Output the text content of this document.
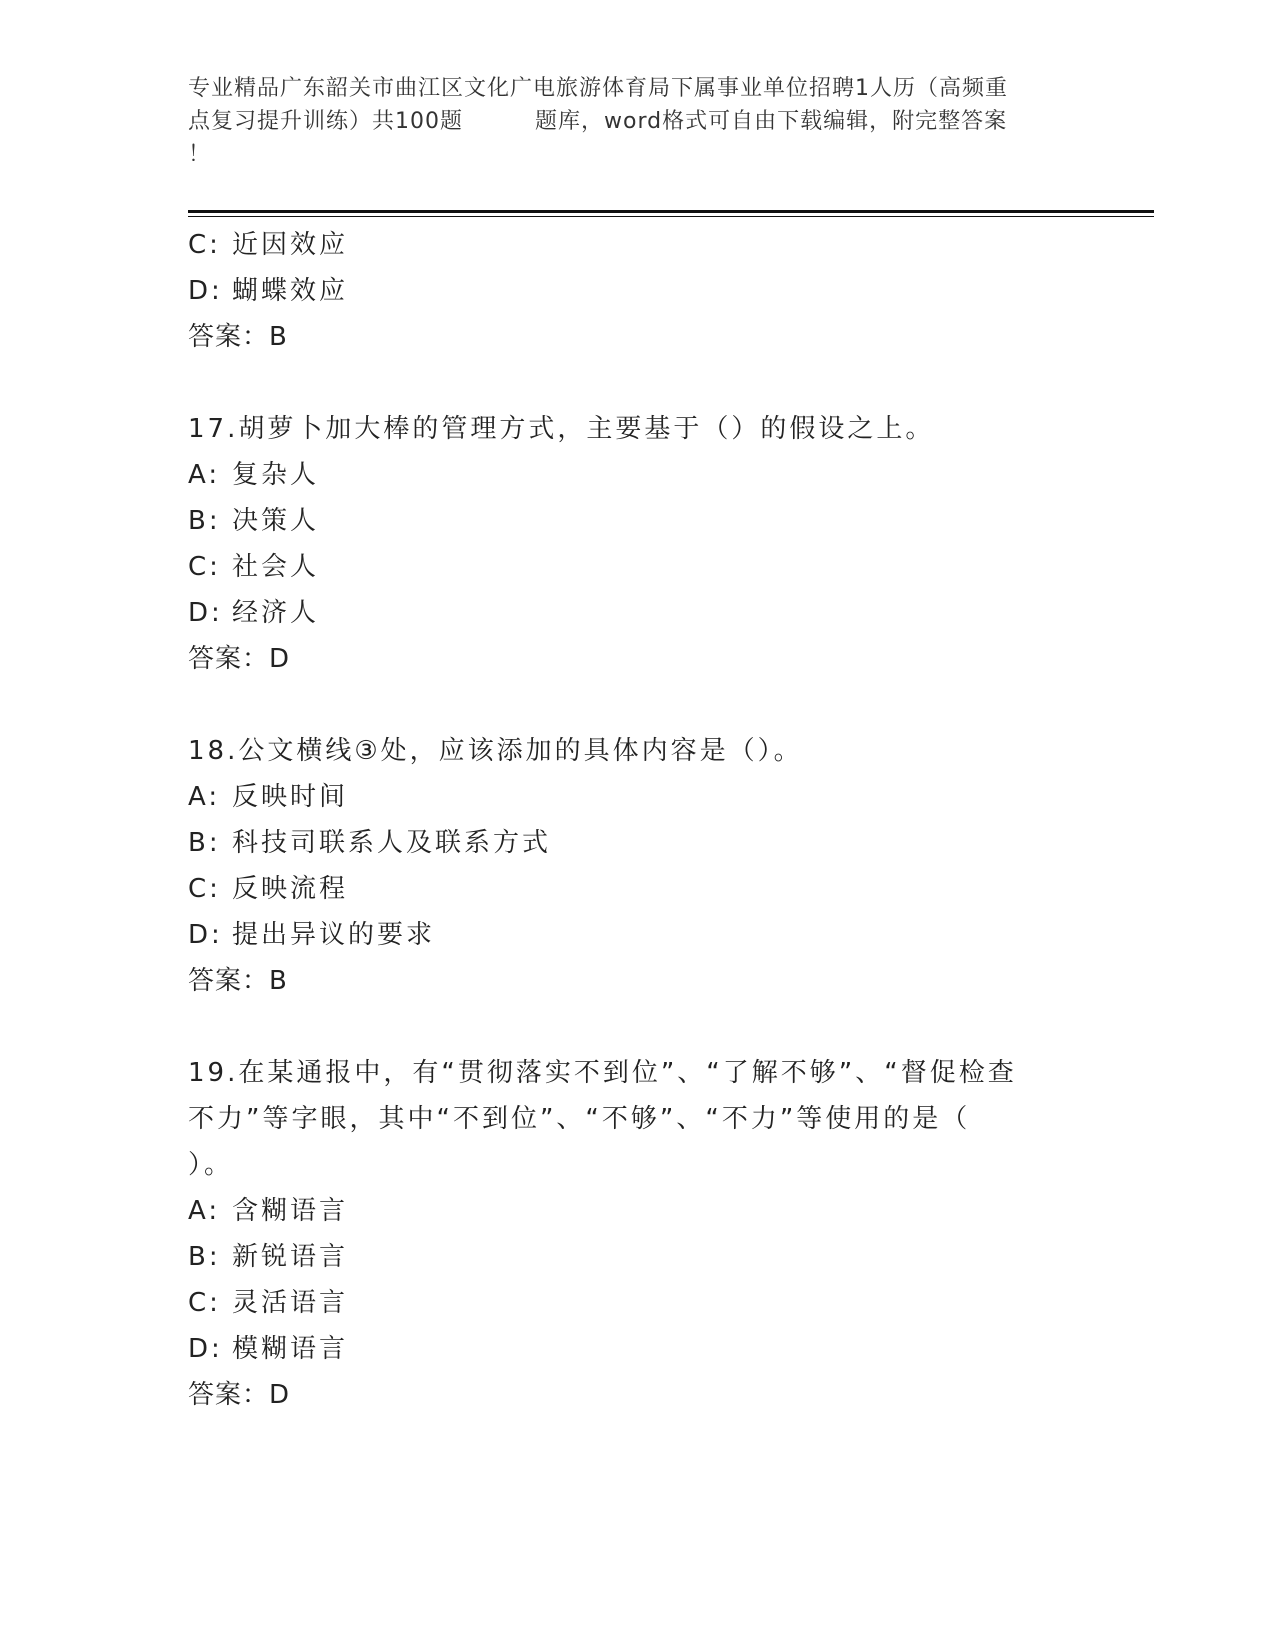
专业精品广东韶关市曲江区文化广电旅游体育局下属事业单位招聘1人历（高频重
点复习提升训练）共100题	题库，word格式可自由下载编辑，附完整答案
！
C: 近因效应
D: 蝴蝶效应
答案：B
17.胡萝卜加大棒的管理方式，主要基于（）的假设之上。
A: 复杂人
B: 决策人
C: 社会人
D: 经济人
答案：D
18.公文横线③处，应该添加的具体内容是（）。
A: 反映时间
B: 科技司联系人及联系方式
C: 反映流程
D: 提出异议的要求
答案：B
19.在某通报中，有“贯彻落实不到位”、“了解不够”、“督促检查
不力”等字眼，其中“不到位”、“不够”、“不力”等使用的是（
）。
A: 含糊语言
B: 新锐语言
C: 灵活语言
D: 模糊语言
答案：D
